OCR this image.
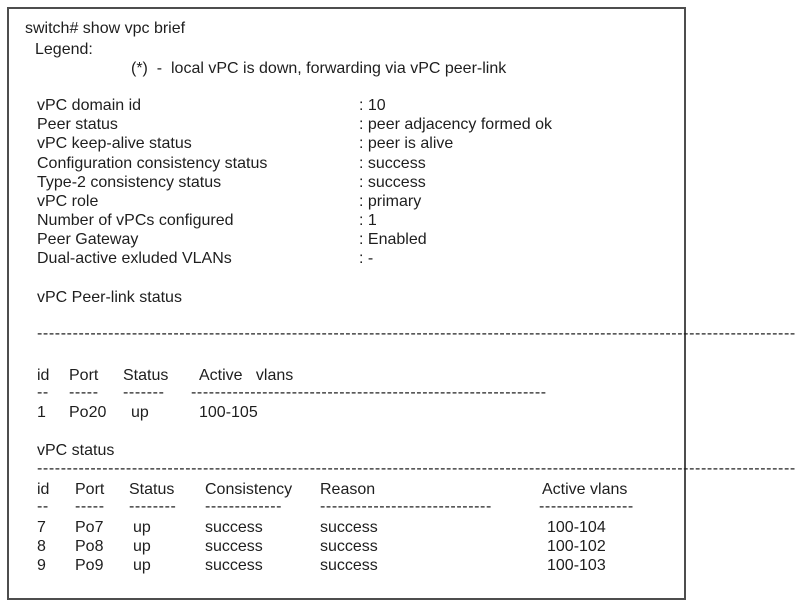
switch# show vpc brief
Legend:
(*)  -  local vPC is down, forwarding via vPC peer-link
vPC domain id	: 10
Peer status	: peer adjacency formed ok
vPC keep-alive status	: peer is alive
Configuration consistency status	: success
Type-2 consistency status	: success
vPC role	: primary
Number of vPCs configured	: 1
Peer Gateway	: Enabled
Dual-active exluded VLANs	: -
vPC Peer-link status
--------------------------------------------------------------------------------------------------------------------------------
id Port Status Active   vlans
--	-----	-------	------------------------------------------------------------
1 Po20 up	100-105
vPC status
--------------------------------------------------------------------------------------------------------------------------------
id Port Status Consistency Reason	Active vlans
--	-----	--------	-------------	-----------------------------	----------------
7 Po7 up	success	success	100-104
8 Po8 up	success	success	100-102
9 Po9 up	success	success	100-103
